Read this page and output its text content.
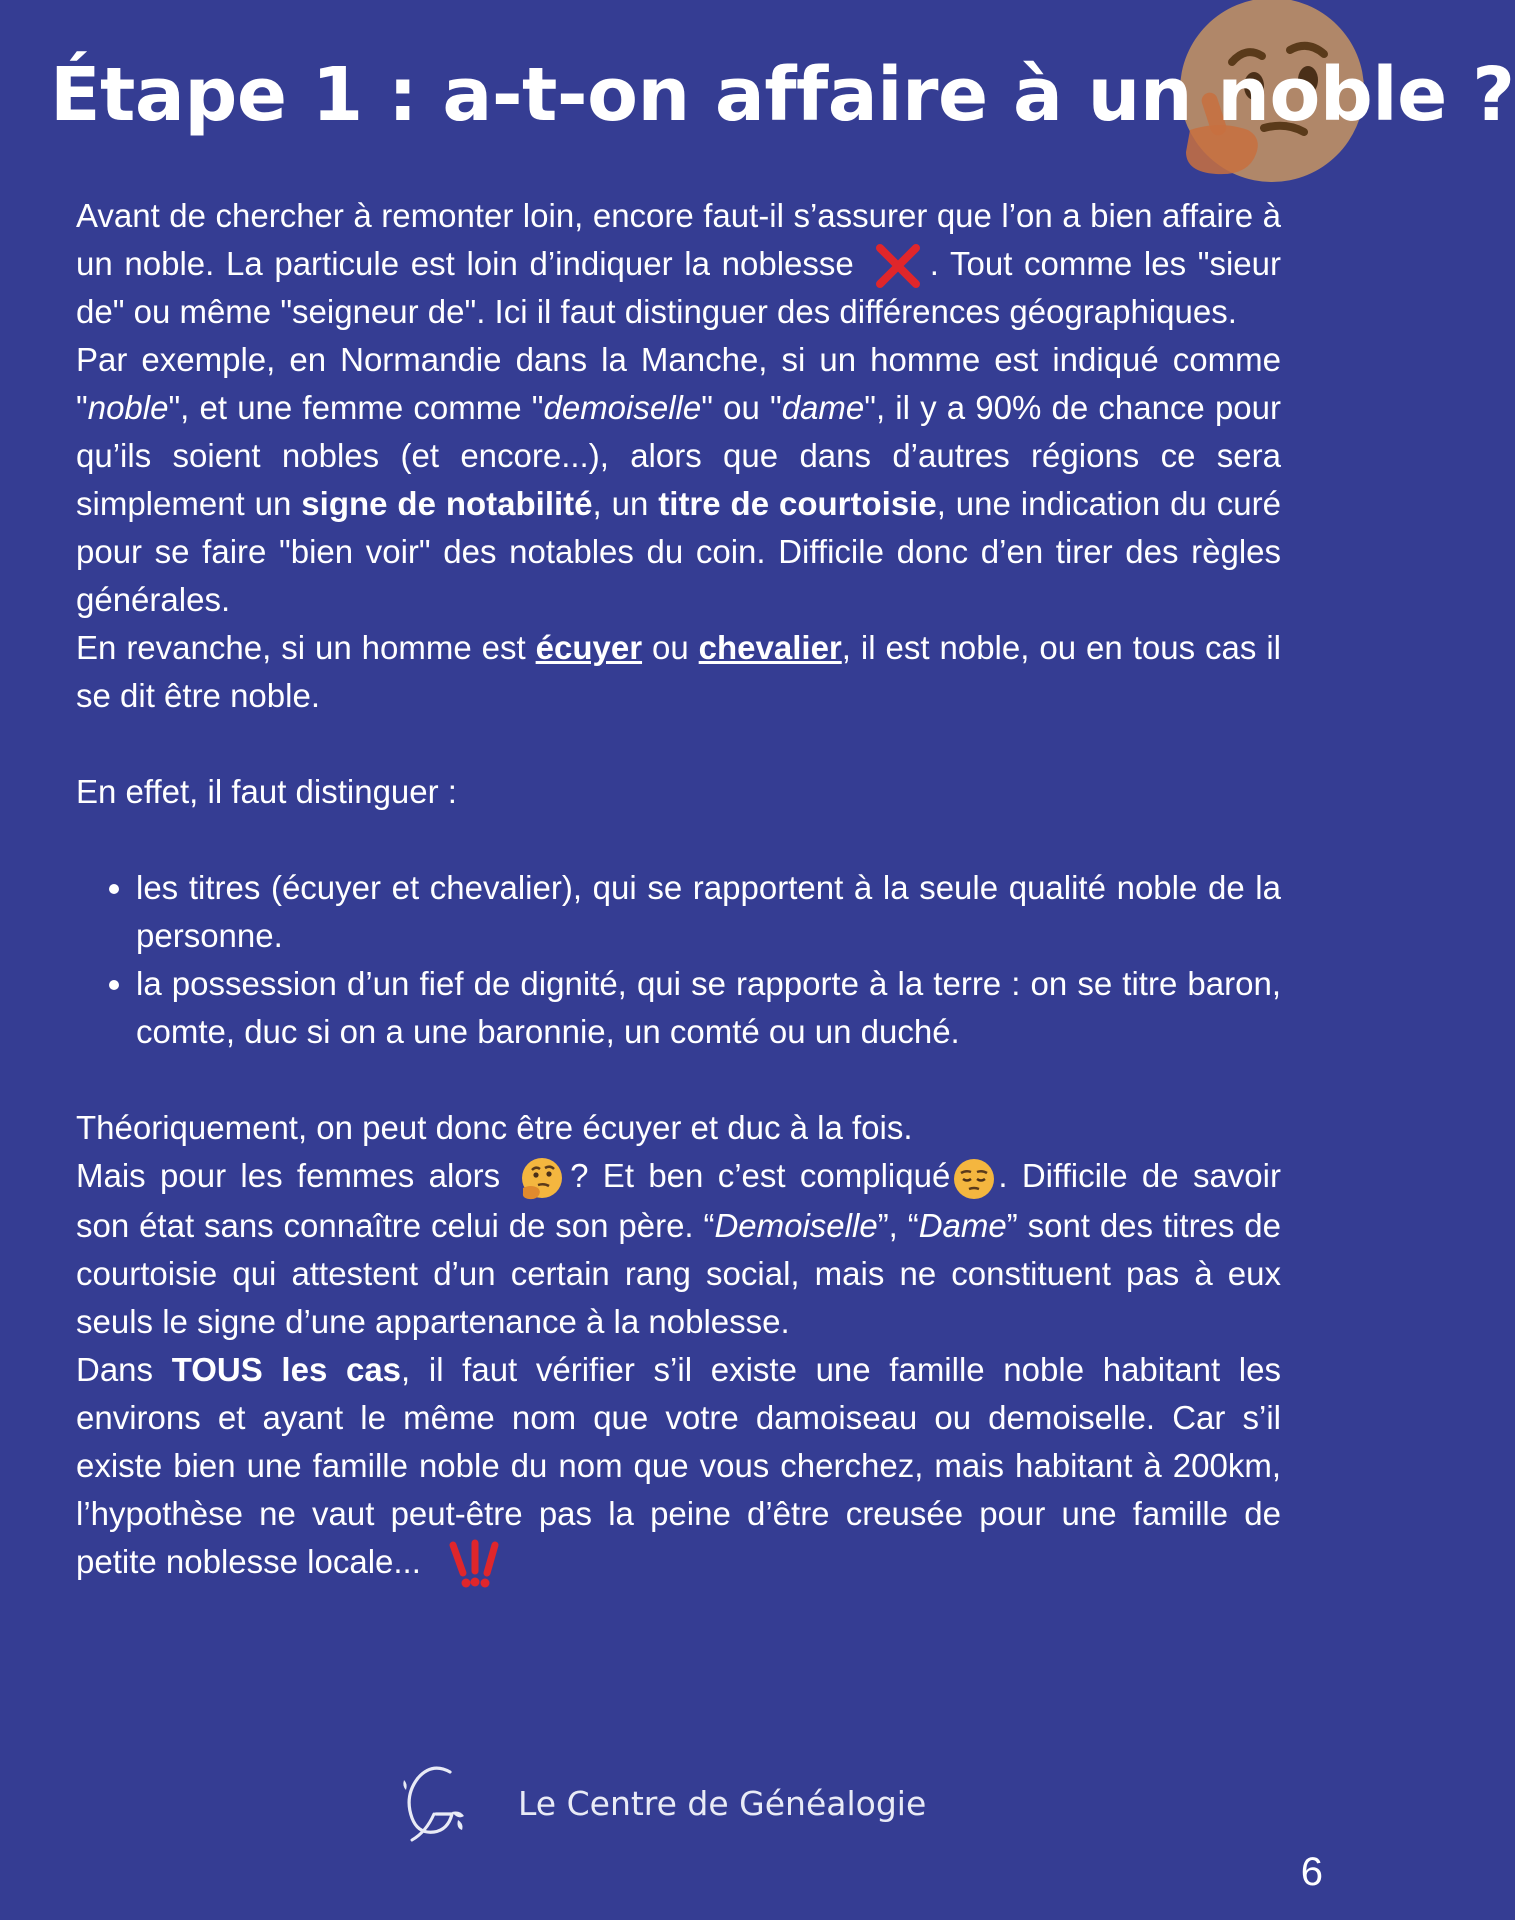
Étape 1 : a-t-on affaire à un noble ?

Avant de chercher à remonter loin, encore faut-il s’assurer que l’on a bien affaire à un noble. La particule est loin d’indiquer la noblesse . Tout comme les "sieur de" ou même "seigneur de". Ici il faut distinguer des différences géographiques.

Par exemple, en Normandie dans la Manche, si un homme est indiqué comme "noble", et une femme comme "demoiselle" ou "dame", il y a 90% de chance pour qu’ils soient nobles (et encore...), alors que dans d’autres régions ce sera simplement un signe de notabilité, un titre de courtoisie, une indication du curé pour se faire "bien voir" des notables du coin. Difficile donc d’en tirer des règles générales.

En revanche, si un homme est écuyer ou chevalier, il est noble, ou en tous cas il se dit être noble.

En effet, il faut distinguer :

• les titres (écuyer et chevalier), qui se rapportent à la seule qualité noble de la personne.
• la possession d’un fief de dignité, qui se rapporte à la terre : on se titre baron, comte, duc si on a une baronnie, un comté ou un duché.

Théoriquement, on peut donc être écuyer et duc à la fois.

Mais pour les femmes alors ? Et ben c’est compliqué . Difficile de savoir son état sans connaître celui de son père. “Demoiselle”, “Dame” sont des titres de courtoisie qui attestent d’un certain rang social, mais ne constituent pas à eux seuls le signe d’une appartenance à la noblesse.

Dans TOUS les cas, il faut vérifier s’il existe une famille noble habitant les environs et ayant le même nom que votre damoiseau ou demoiselle. Car s’il existe bien une famille noble du nom que vous cherchez, mais habitant à 200km, l’hypothèse ne vaut peut-être pas la peine d’être creusée pour une famille de petite noblesse locale...

Le Centre de Généalogie
6
